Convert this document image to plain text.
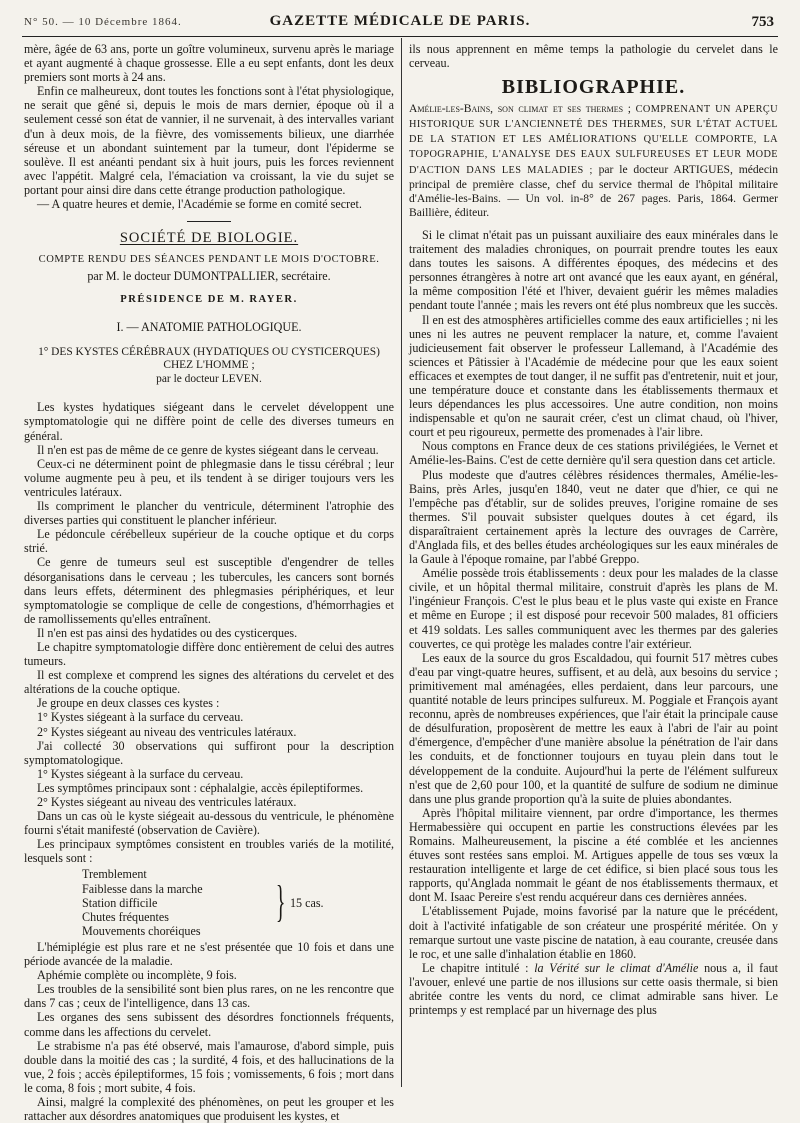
N° 50. — 10 Décembre 1864.	GAZETTE MÉDICALE DE PARIS.	753

mère, âgée de 63 ans, porte un goître volumineux, survenu après le mariage et ayant augmenté à chaque grossesse. Elle a eu sept enfants, dont les deux premiers sont morts à 24 ans.

Enfin ce malheureux, dont toutes les fonctions sont à l'état physiologique, ne serait que gêné si, depuis le mois de mars dernier, époque où il a seulement cessé son état de vannier, il ne survenait, à des intervalles variant d'un à deux mois, de la fièvre, des vomissements bilieux, une diarrhée séreuse et un abondant suintement par la tumeur, dont l'épiderme se soulève. Il est anéanti pendant six à huit jours, puis les forces reviennent avec l'appétit. Malgré cela, l'émaciation va croissant, la vie du sujet se portant pour ainsi dire dans cette étrange production pathologique.

— A quatre heures et demie, l'Académie se forme en comité secret.

SOCIÉTÉ DE BIOLOGIE.

COMPTE RENDU DES SÉANCES PENDANT LE MOIS D'OCTOBRE.

par M. le docteur DUMONTPALLIER, secrétaire.

PRÉSIDENCE DE M. RAYER.

I. — ANATOMIE PATHOLOGIQUE.

1° DES KYSTES CÉRÉBRAUX (HYDATIQUES OU CYSTICERQUES) CHEZ L'HOMME ;
par le docteur LEVEN.

Les kystes hydatiques siégeant dans le cervelet développent une symptomatologie qui ne diffère point de celle des diverses tumeurs en général.

Il n'en est pas de même de ce genre de kystes siégeant dans le cerveau.

Ceux-ci ne déterminent point de phlegmasie dans le tissu cérébral ; leur volume augmente peu à peu, et ils tendent à se diriger toujours vers les ventricules latéraux.

Ils compriment le plancher du ventricule, déterminent l'atrophie des diverses parties qui constituent le plancher inférieur.

Le pédoncule cérébelleux supérieur de la couche optique et du corps strié.

Ce genre de tumeurs seul est susceptible d'engendrer de telles désorganisations dans le cerveau ; les tubercules, les cancers sont bornés dans leurs effets, déterminent des phlegmasies périphériques, et leur symptomatologie se complique de celle de congestions, d'hémorrhagies et de ramollissements qu'elles entraînent.

Il n'en est pas ainsi des hydatides ou des cysticerques.

Le chapitre symptomatologie diffère donc entièrement de celui des autres tumeurs.

Il est complexe et comprend les signes des altérations du cervelet et des altérations de la couche optique.

Je groupe en deux classes ces kystes :

1° Kystes siégeant à la surface du cerveau.

2° Kystes siégeant au niveau des ventricules latéraux.

J'ai collecté 30 observations qui suffiront pour la description symptomatologique.

1° Kystes siégeant à la surface du cerveau.

Les symptômes principaux sont : céphalalgie, accès épileptiformes.

2° Kystes siégeant au niveau des ventricules latéraux.

Dans un cas où le kyste siégeait au-dessous du ventricule, le phénomène fourni s'était manifesté (observation de Cavière).

Les principaux symptômes consistent en troubles variés de la motilité, lesquels sont :

Tremblement
Faiblesse dans la marche
Station difficile
Chutes fréquentes
Mouvements choréiques
} 15 cas.

L'hémiplégie est plus rare et ne s'est présentée que 10 fois et dans une période avancée de la maladie.

Aphémie complète ou incomplète, 9 fois.

Les troubles de la sensibilité sont bien plus rares, on ne les rencontre que dans 7 cas ; ceux de l'intelligence, dans 13 cas.

Les organes des sens subissent des désordres fonctionnels fréquents, comme dans les affections du cervelet.

Le strabisme n'a pas été observé, mais l'amaurose, d'abord simple, puis double dans la moitié des cas ; la surdité, 4 fois, et des hallucinations de la vue, 2 fois ; accès épileptiformes, 15 fois ; vomissements, 6 fois ; mort dans le coma, 8 fois ; mort subite, 4 fois.

Ainsi, malgré la complexité des phénomènes, on peut les grouper et les rattacher aux désordres anatomiques que produisent les kystes, et

ils nous apprennent en même temps la pathologie du cervelet dans le cerveau.

BIBLIOGRAPHIE.

Amélie-les-Bains, son climat et ses thermes ; COMPRENANT UN APERÇU HISTORIQUE SUR L'ANCIENNETÉ DES THERMES, SUR L'ÉTAT ACTUEL DE LA STATION ET LES AMÉLIORATIONS QU'ELLE COMPORTE, LA TOPOGRAPHIE, L'ANALYSE DES EAUX SULFUREUSES ET LEUR MODE D'ACTION DANS LES MALADIES ; par le docteur ARTIGUES, médecin principal de première classe, chef du service thermal de l'hôpital militaire d'Amélie-les-Bains. — Un vol. in-8° de 267 pages. Paris, 1864. Germer Baillière, éditeur.

Si le climat n'était pas un puissant auxiliaire des eaux minérales dans le traitement des maladies chroniques, on pourrait prendre toutes les eaux dans toutes les saisons. A différentes époques, des médecins et des personnes étrangères à notre art ont avancé que les eaux ayant, en général, la même composition l'été et l'hiver, devaient guérir les mêmes maladies pendant toute l'année ; mais les revers ont été plus nombreux que les succès.

Il en est des atmosphères artificielles comme des eaux artificielles ; ni les unes ni les autres ne peuvent remplacer la nature, et, comme l'avaient judicieusement fait observer le professeur Lallemand, à l'Académie des sciences et Pâtissier à l'Académie de médecine pour que les eaux soient efficaces et exemptes de tout danger, il ne suffit pas d'entretenir, nuit et jour, une température douce et constante dans les établissements thermaux et leurs dépendances les plus accessoires. Une autre condition, non moins indispensable et qu'on ne saurait créer, c'est un climat chaud, où l'hiver, court et peu rigoureux, permette des promenades à l'air libre.

Nous comptons en France deux de ces stations privilégiées, le Vernet et Amélie-les-Bains. C'est de cette dernière qu'il sera question dans cet article.

Plus modeste que d'autres célèbres résidences thermales, Amélie-les-Bains, près Arles, jusqu'en 1840, veut ne dater que d'hier, ce qui ne l'empêche pas d'établir, sur de solides preuves, l'origine romaine de ses thermes. S'il pouvait subsister quelques doutes à cet égard, ils disparaîtraient certainement après la lecture des ouvrages de Carrère, d'Anglada fils, et des belles études archéologiques sur les eaux minérales de la Gaule à l'époque romaine, par l'abbé Greppo.

Amélie possède trois établissements : deux pour les malades de la classe civile, et un hôpital thermal militaire, construit d'après les plans de M. l'ingénieur François. C'est le plus beau et le plus vaste qui existe en France et même en Europe ; il est disposé pour recevoir 500 malades, 81 officiers et 419 soldats. Les salles communiquent avec les thermes par des galeries couvertes, ce qui protège les malades contre l'air extérieur.

Les eaux de la source du gros Escaldadou, qui fournit 517 mètres cubes d'eau par vingt-quatre heures, suffisent, et au delà, aux besoins du service ; primitivement mal aménagées, elles perdaient, dans leur parcours, une quantité notable de leurs principes sulfureux. M. Poggiale et François ayant reconnu, après de nombreuses expériences, que l'air était la principale cause de désulfuration, proposèrent de mettre les eaux à l'abri de l'air au point d'émergence, d'empêcher d'une manière absolue la pénétration de l'air dans les conduits, et de fonctionner toujours en tuyau plein dans tout le développement de la conduite. Aujourd'hui la perte de l'élément sulfureux n'est que de 2,60 pour 100, et la quantité de sulfure de sodium ne diminue dans une plus grande proportion qu'à la suite de pluies abondantes.

Après l'hôpital militaire viennent, par ordre d'importance, les thermes Hermabessière qui occupent en partie les constructions élevées par les Romains. Malheureusement, la piscine a été comblée et les anciennes étuves sont restées sans emploi. M. Artigues appelle de tous ses vœux la restauration intelligente et large de cet édifice, si bien placé sous tous les rapports, qu'Anglada nommait le géant de nos établissements thermaux, et dont M. Isaac Pereire s'est rendu acquéreur dans ces dernières années.

L'établissement Pujade, moins favorisé par la nature que le précédent, doit à l'activité infatigable de son créateur une prospérité méritée. On y remarque surtout une vaste piscine de natation, à eau courante, creusée dans le roc, et une salle d'inhalation établie en 1860.

Le chapitre intitulé : la Vérité sur le climat d'Amélie nous a, il faut l'avouer, enlevé une partie de nos illusions sur cette oasis thermale, si bien abritée contre les vents du nord, ce climat admirable sans hiver. Le printemps y est remplacé par un hivernage des plus
